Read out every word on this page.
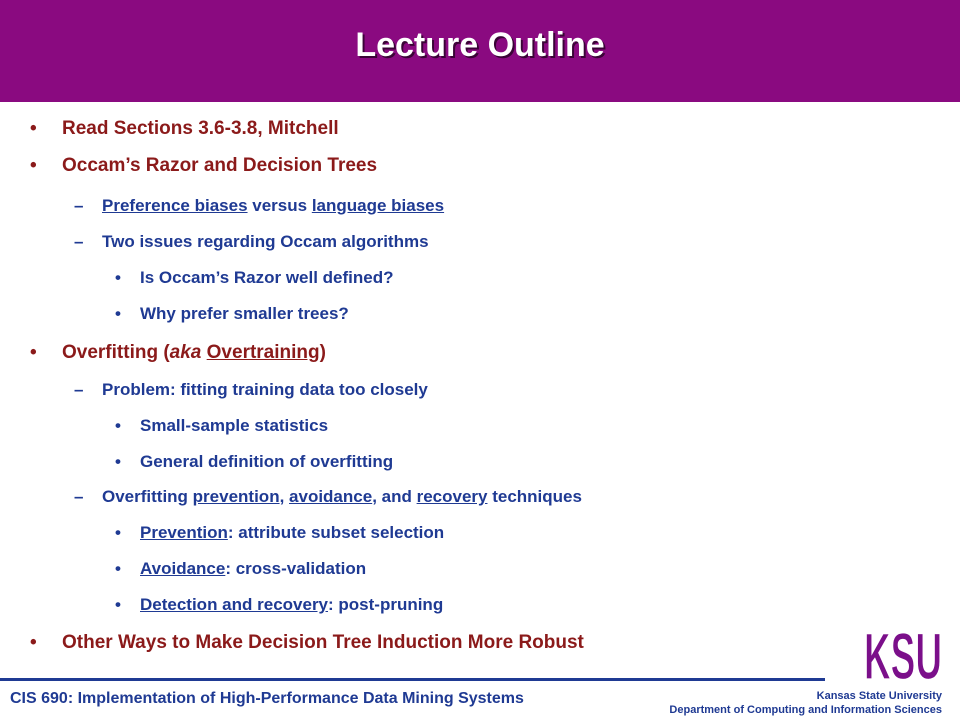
Lecture Outline
• Read Sections 3.6-3.8, Mitchell
• Occam’s Razor and Decision Trees
– Preference biases versus language biases
– Two issues regarding Occam algorithms
• Is Occam’s Razor well defined?
• Why prefer smaller trees?
• Overfitting (aka Overtraining)
– Problem: fitting training data too closely
• Small-sample statistics
• General definition of overfitting
– Overfitting prevention, avoidance, and recovery techniques
• Prevention: attribute subset selection
• Avoidance: cross-validation
• Detection and recovery: post-pruning
• Other Ways to Make Decision Tree Induction More Robust	KSU
CIS 690: Implementation of High-Performance Data Mining Systems	Kansas State University
Department of Computing and Information Sciences
